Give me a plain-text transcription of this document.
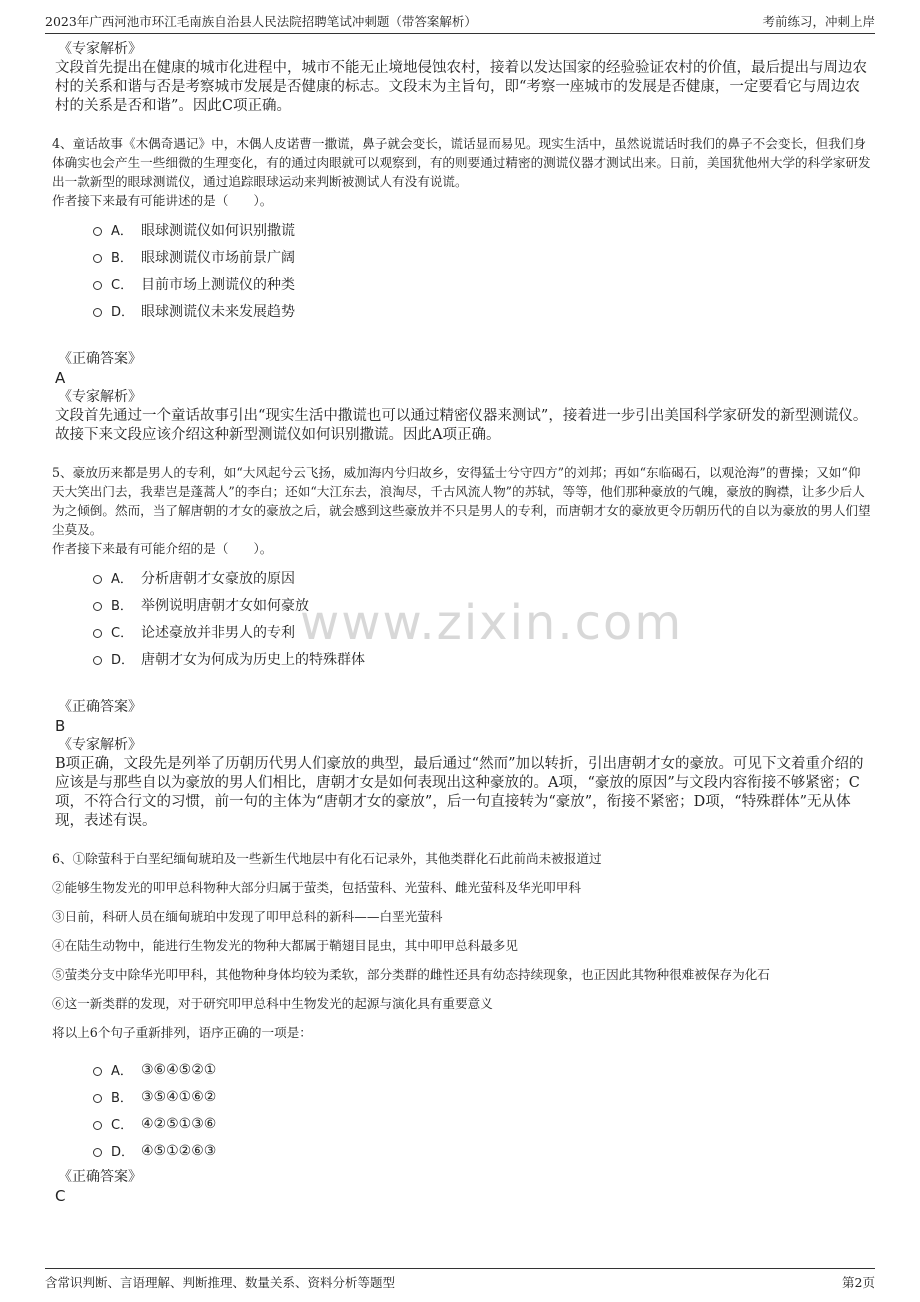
2023年广西河池市环江毛南族自治县人民法院招聘笔试冲刺题（带答案解析）	考前练习，冲刺上岸
www.zixin.com
《专家解析》
文段首先提出在健康的城市化进程中，城市不能无止境地侵蚀农村，接着以发达国家的经验验证农村的价值，最后提出与周边农村的关系和谐与否是考察城市发展是否健康的标志。文段末为主旨句，即“考察一座城市的发展是否健康，一定要看它与周边农村的关系是否和谐”。因此C项正确。
4、童话故事《木偶奇遇记》中，木偶人皮诺曹一撒谎，鼻子就会变长，谎话显而易见。现实生活中，虽然说谎话时我们的鼻子不会变长，但我们身体确实也会产生一些细微的生理变化，有的通过肉眼就可以观察到，有的则要通过精密的测谎仪器才测试出来。日前，美国犹他州大学的科学家研发出一款新型的眼球测谎仪，通过追踪眼球运动来判断被测试人有没有说谎。
作者接下来最有可能讲述的是（　　）。
A． 眼球测谎仪如何识别撒谎
B． 眼球测谎仪市场前景广阔
C． 目前市场上测谎仪的种类
D． 眼球测谎仪未来发展趋势
《正确答案》
A
《专家解析》
文段首先通过一个童话故事引出“现实生活中撒谎也可以通过精密仪器来测试”，接着进一步引出美国科学家研发的新型测谎仪。故接下来文段应该介绍这种新型测谎仪如何识别撒谎。因此A项正确。
5、豪放历来都是男人的专利，如“大风起兮云飞扬，威加海内兮归故乡，安得猛士兮守四方”的刘邦；再如“东临碣石，以观沧海”的曹操；又如“仰天大笑出门去，我辈岂是蓬蒿人”的李白；还如“大江东去，浪淘尽，千古风流人物”的苏轼，等等，他们那种豪放的气魄，豪放的胸襟，让多少后人为之倾倒。然而，当了解唐朝的才女的豪放之后，就会感到这些豪放并不只是男人的专利，而唐朝才女的豪放更令历朝历代的自以为豪放的男人们望尘莫及。
作者接下来最有可能介绍的是（　　）。
A． 分析唐朝才女豪放的原因
B． 举例说明唐朝才女如何豪放
C． 论述豪放并非男人的专利
D． 唐朝才女为何成为历史上的特殊群体
《正确答案》
B
《专家解析》
B项正确，文段先是列举了历朝历代男人们豪放的典型，最后通过“然而”加以转折，引出唐朝才女的豪放。可见下文着重介绍的应该是与那些自以为豪放的男人们相比，唐朝才女是如何表现出这种豪放的。A项，“豪放的原因”与文段内容衔接不够紧密；C项，不符合行文的习惯，前一句的主体为“唐朝才女的豪放”，后一句直接转为“豪放”，衔接不紧密；D项，“特殊群体”无从体现，表述有误。
6、①除萤科于白垩纪缅甸琥珀及一些新生代地层中有化石记录外，其他类群化石此前尚未被报道过
②能够生物发光的叩甲总科物种大部分归属于萤类，包括萤科、光萤科、雌光萤科及华光叩甲科
③日前，科研人员在缅甸琥珀中发现了叩甲总科的新科——白垩光萤科
④在陆生动物中，能进行生物发光的物种大都属于鞘翅目昆虫，其中叩甲总科最多见
⑤萤类分支中除华光叩甲科，其他物种身体均较为柔软，部分类群的雌性还具有幼态持续现象，也正因此其物种很难被保存为化石
⑥这一新类群的发现，对于研究叩甲总科中生物发光的起源与演化具有重要意义
将以上6个句子重新排列，语序正确的一项是：
A． ③⑥④⑤②①
B． ③⑤④①⑥②
C． ④②⑤①③⑥
D． ④⑤①②⑥③
《正确答案》
C
含常识判断、言语理解、判断推理、数量关系、资料分析等题型	第2页
